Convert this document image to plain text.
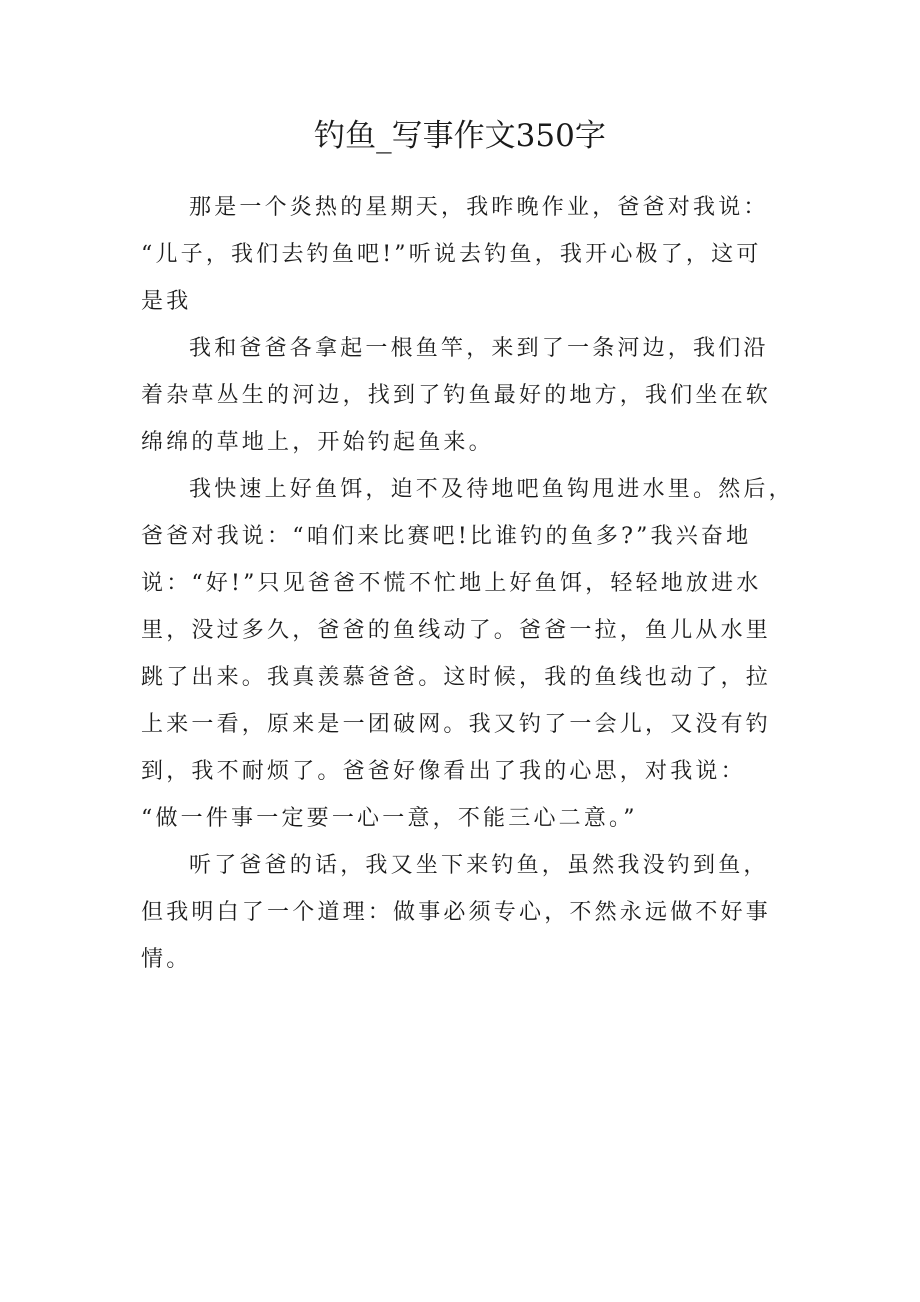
钓鱼_写事作文350字

那是一个炎热的星期天，我昨晚作业，爸爸对我说：

“儿子，我们去钓鱼吧!”听说去钓鱼，我开心极了，这可

是我

我和爸爸各拿起一根鱼竿，来到了一条河边，我们沿

着杂草丛生的河边，找到了钓鱼最好的地方，我们坐在软

绵绵的草地上，开始钓起鱼来。

我快速上好鱼饵，迫不及待地吧鱼钩甩进水里。然后，

爸爸对我说：“咱们来比赛吧!比谁钓的鱼多?”我兴奋地

说：“好!”只见爸爸不慌不忙地上好鱼饵，轻轻地放进水

里，没过多久，爸爸的鱼线动了。爸爸一拉，鱼儿从水里

跳了出来。我真羡慕爸爸。这时候，我的鱼线也动了，拉

上来一看，原来是一团破网。我又钓了一会儿，又没有钓

到，我不耐烦了。爸爸好像看出了我的心思，对我说：

“做一件事一定要一心一意，不能三心二意。”

听了爸爸的话，我又坐下来钓鱼，虽然我没钓到鱼，

但我明白了一个道理：做事必须专心，不然永远做不好事

情。
